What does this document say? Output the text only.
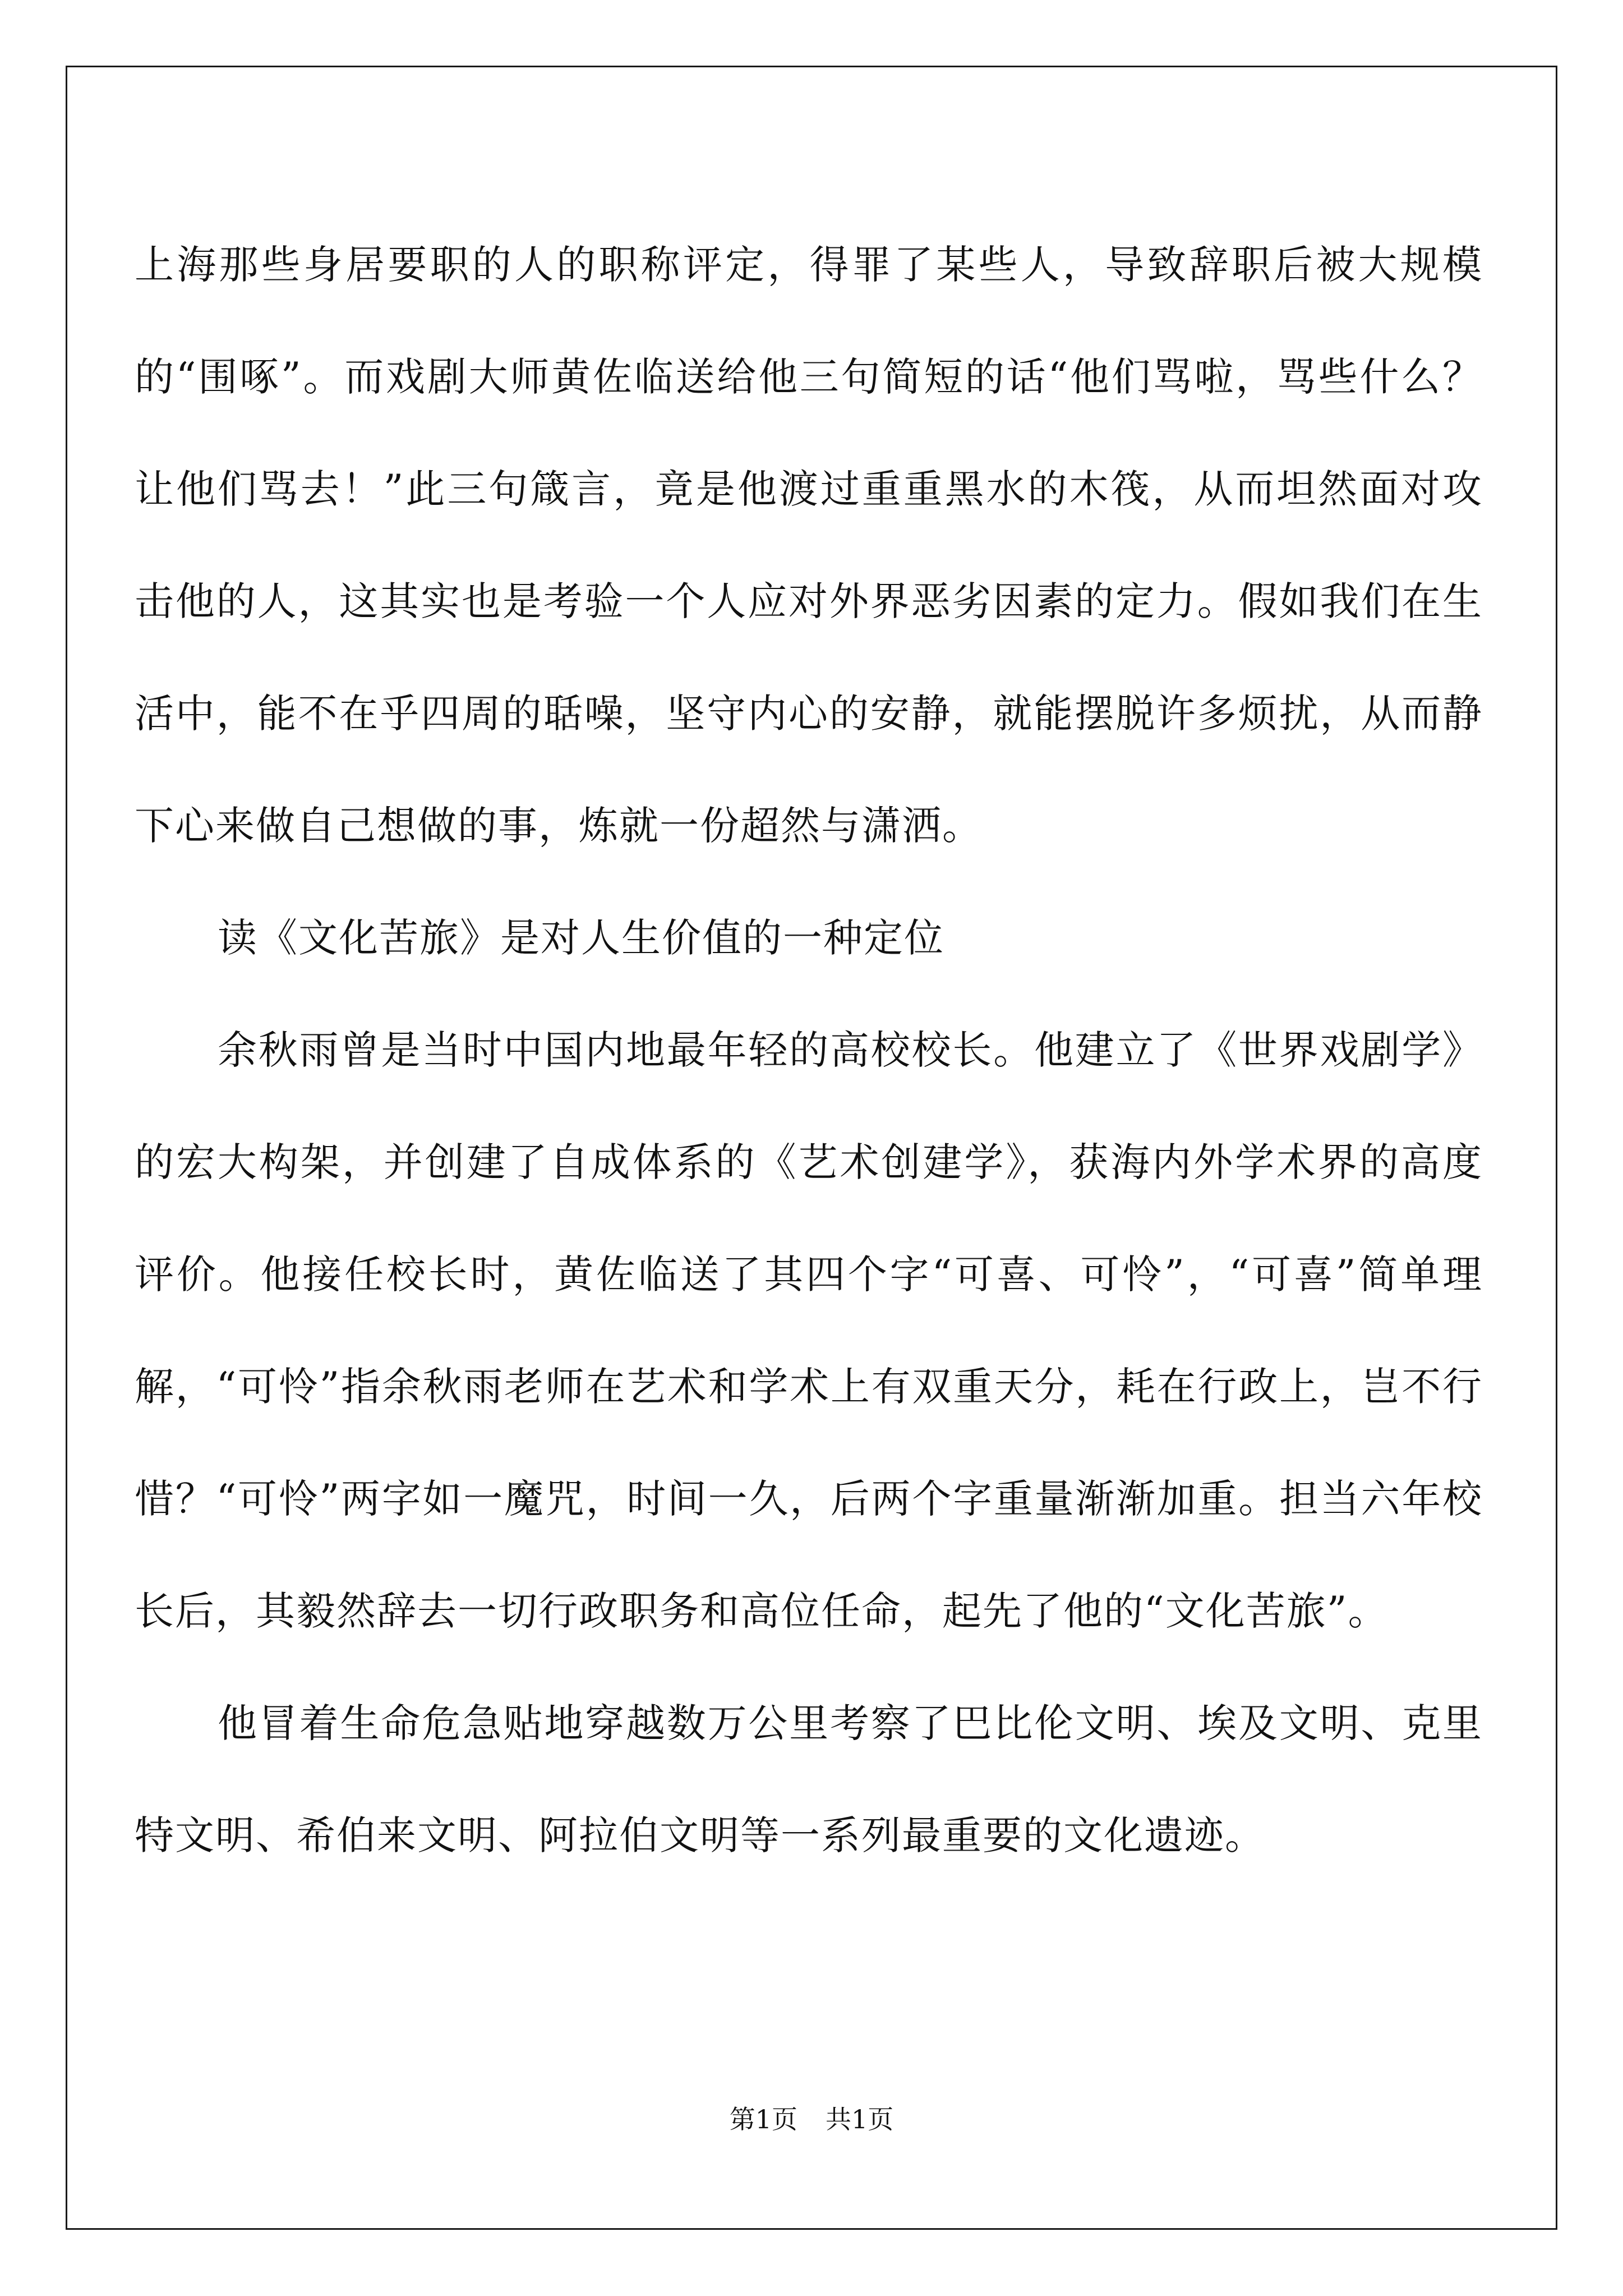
上海那些身居要职的人的职称评定，得罪了某些人，导致辞职后被大规模的“围啄”。而戏剧大师黄佐临送给他三句简短的话“他们骂啦，骂些什么？让他们骂去！”此三句箴言，竟是他渡过重重黑水的木筏，从而坦然面对攻击他的人，这其实也是考验一个人应对外界恶劣因素的定力。假如我们在生活中，能不在乎四周的聒噪，坚守内心的安静，就能摆脱许多烦扰，从而静下心来做自己想做的事，炼就一份超然与潇洒。

读《文化苦旅》是对人生价值的一种定位

余秋雨曾是当时中国内地最年轻的高校校长。他建立了《世界戏剧学》的宏大构架，并创建了自成体系的《艺术创建学》，获海内外学术界的高度评价。他接任校长时，黄佐临送了其四个字“可喜、可怜”，“可喜”简单理解，“可怜”指余秋雨老师在艺术和学术上有双重天分，耗在行政上，岂不行惜？“可怜”两字如一魔咒，时间一久，后两个字重量渐渐加重。担当六年校长后，其毅然辞去一切行政职务和高位任命，起先了他的“文化苦旅”。

他冒着生命危急贴地穿越数万公里考察了巴比伦文明、埃及文明、克里特文明、希伯来文明、阿拉伯文明等一系列最重要的文化遗迹。

第1页 共1页
